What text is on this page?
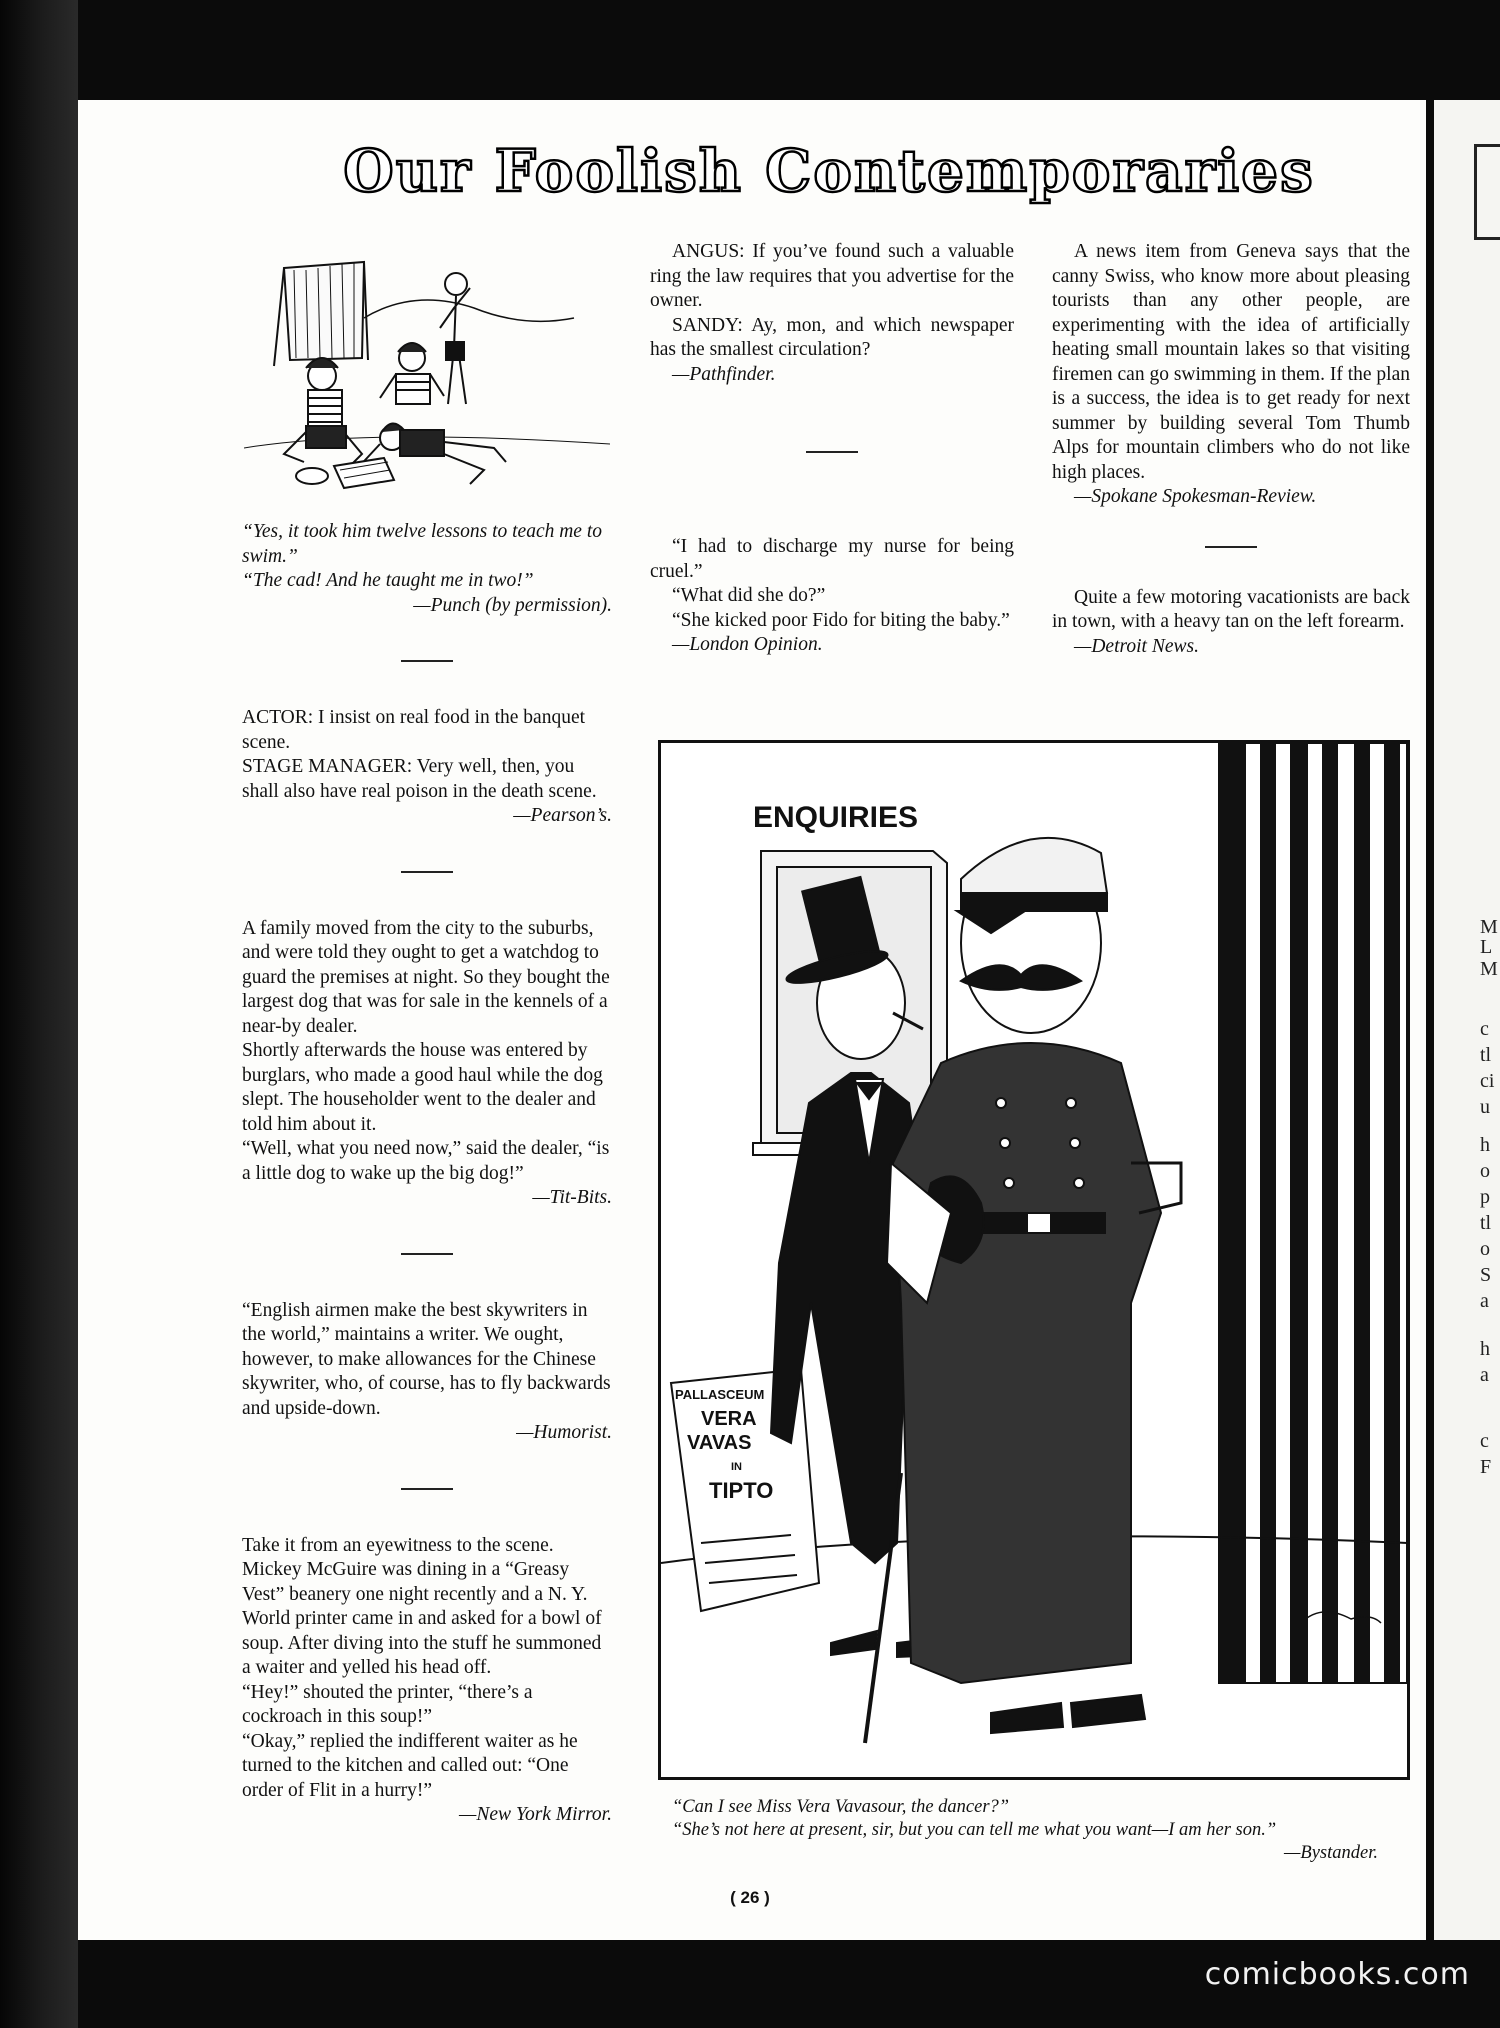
M
L
M
c
tl
ci
u
h
o
p
tl
o
S
a
h
a
c
F
Our Foolish Contemporaries

“Yes, it took him twelve lessons to teach me to swim.”

“The cad! And he taught me in two!”

—Punch (by permission).

ACTOR: I insist on real food in the banquet scene.

STAGE MANAGER: Very well, then, you shall also have real poison in the death scene.

—Pearson’s.

A family moved from the city to the suburbs, and were told they ought to get a watchdog to guard the premises at night. So they bought the largest dog that was for sale in the kennels of a near-by dealer.

Shortly afterwards the house was entered by burglars, who made a good haul while the dog slept. The householder went to the dealer and told him about it.

“Well, what you need now,” said the dealer, “is a little dog to wake up the big dog!”

—Tit-Bits.

“English airmen make the best skywriters in the world,” maintains a writer. We ought, however, to make allowances for the Chinese skywriter, who, of course, has to fly backwards and upside-down.

—Humorist.

Take it from an eyewitness to the scene. Mickey McGuire was dining in a “Greasy Vest” beanery one night recently and a N. Y. World printer came in and asked for a bowl of soup. After diving into the stuff he summoned a waiter and yelled his head off.

“Hey!” shouted the printer, “there’s a cockroach in this soup!”

“Okay,” replied the indifferent waiter as he turned to the kitchen and called out: “One order of Flit in a hurry!”

—New York Mirror.

ANGUS: If you’ve found such a valuable ring the law requires that you advertise for the owner.

SANDY: Ay, mon, and which newspaper has the smallest circulation?

—Pathfinder.

“I had to discharge my nurse for being cruel.”

“What did she do?”

“She kicked poor Fido for biting the baby.”

—London Opinion.

A news item from Geneva says that the canny Swiss, who know more about pleasing tourists than any other people, are experimenting with the idea of artificially heating small mountain lakes so that visiting firemen can go swimming in them. If the plan is a success, the idea is to get ready for next summer by building several Tom Thumb Alps for mountain climbers who do not like high places.

—Spokane Spokesman-Review.

Quite a few motoring vacationists are back in town, with a heavy tan on the left forearm.

—Detroit News.

ENQUIRIES
PALLASCEUM
VERA
VAVAS
IN
TIPTO

“Can I see Miss Vera Vavasour, the dancer?”

“She’s not here at present, sir, but you can tell me what you want—I am her son.”

—Bystander.

( 26 )
comicbooks.com
